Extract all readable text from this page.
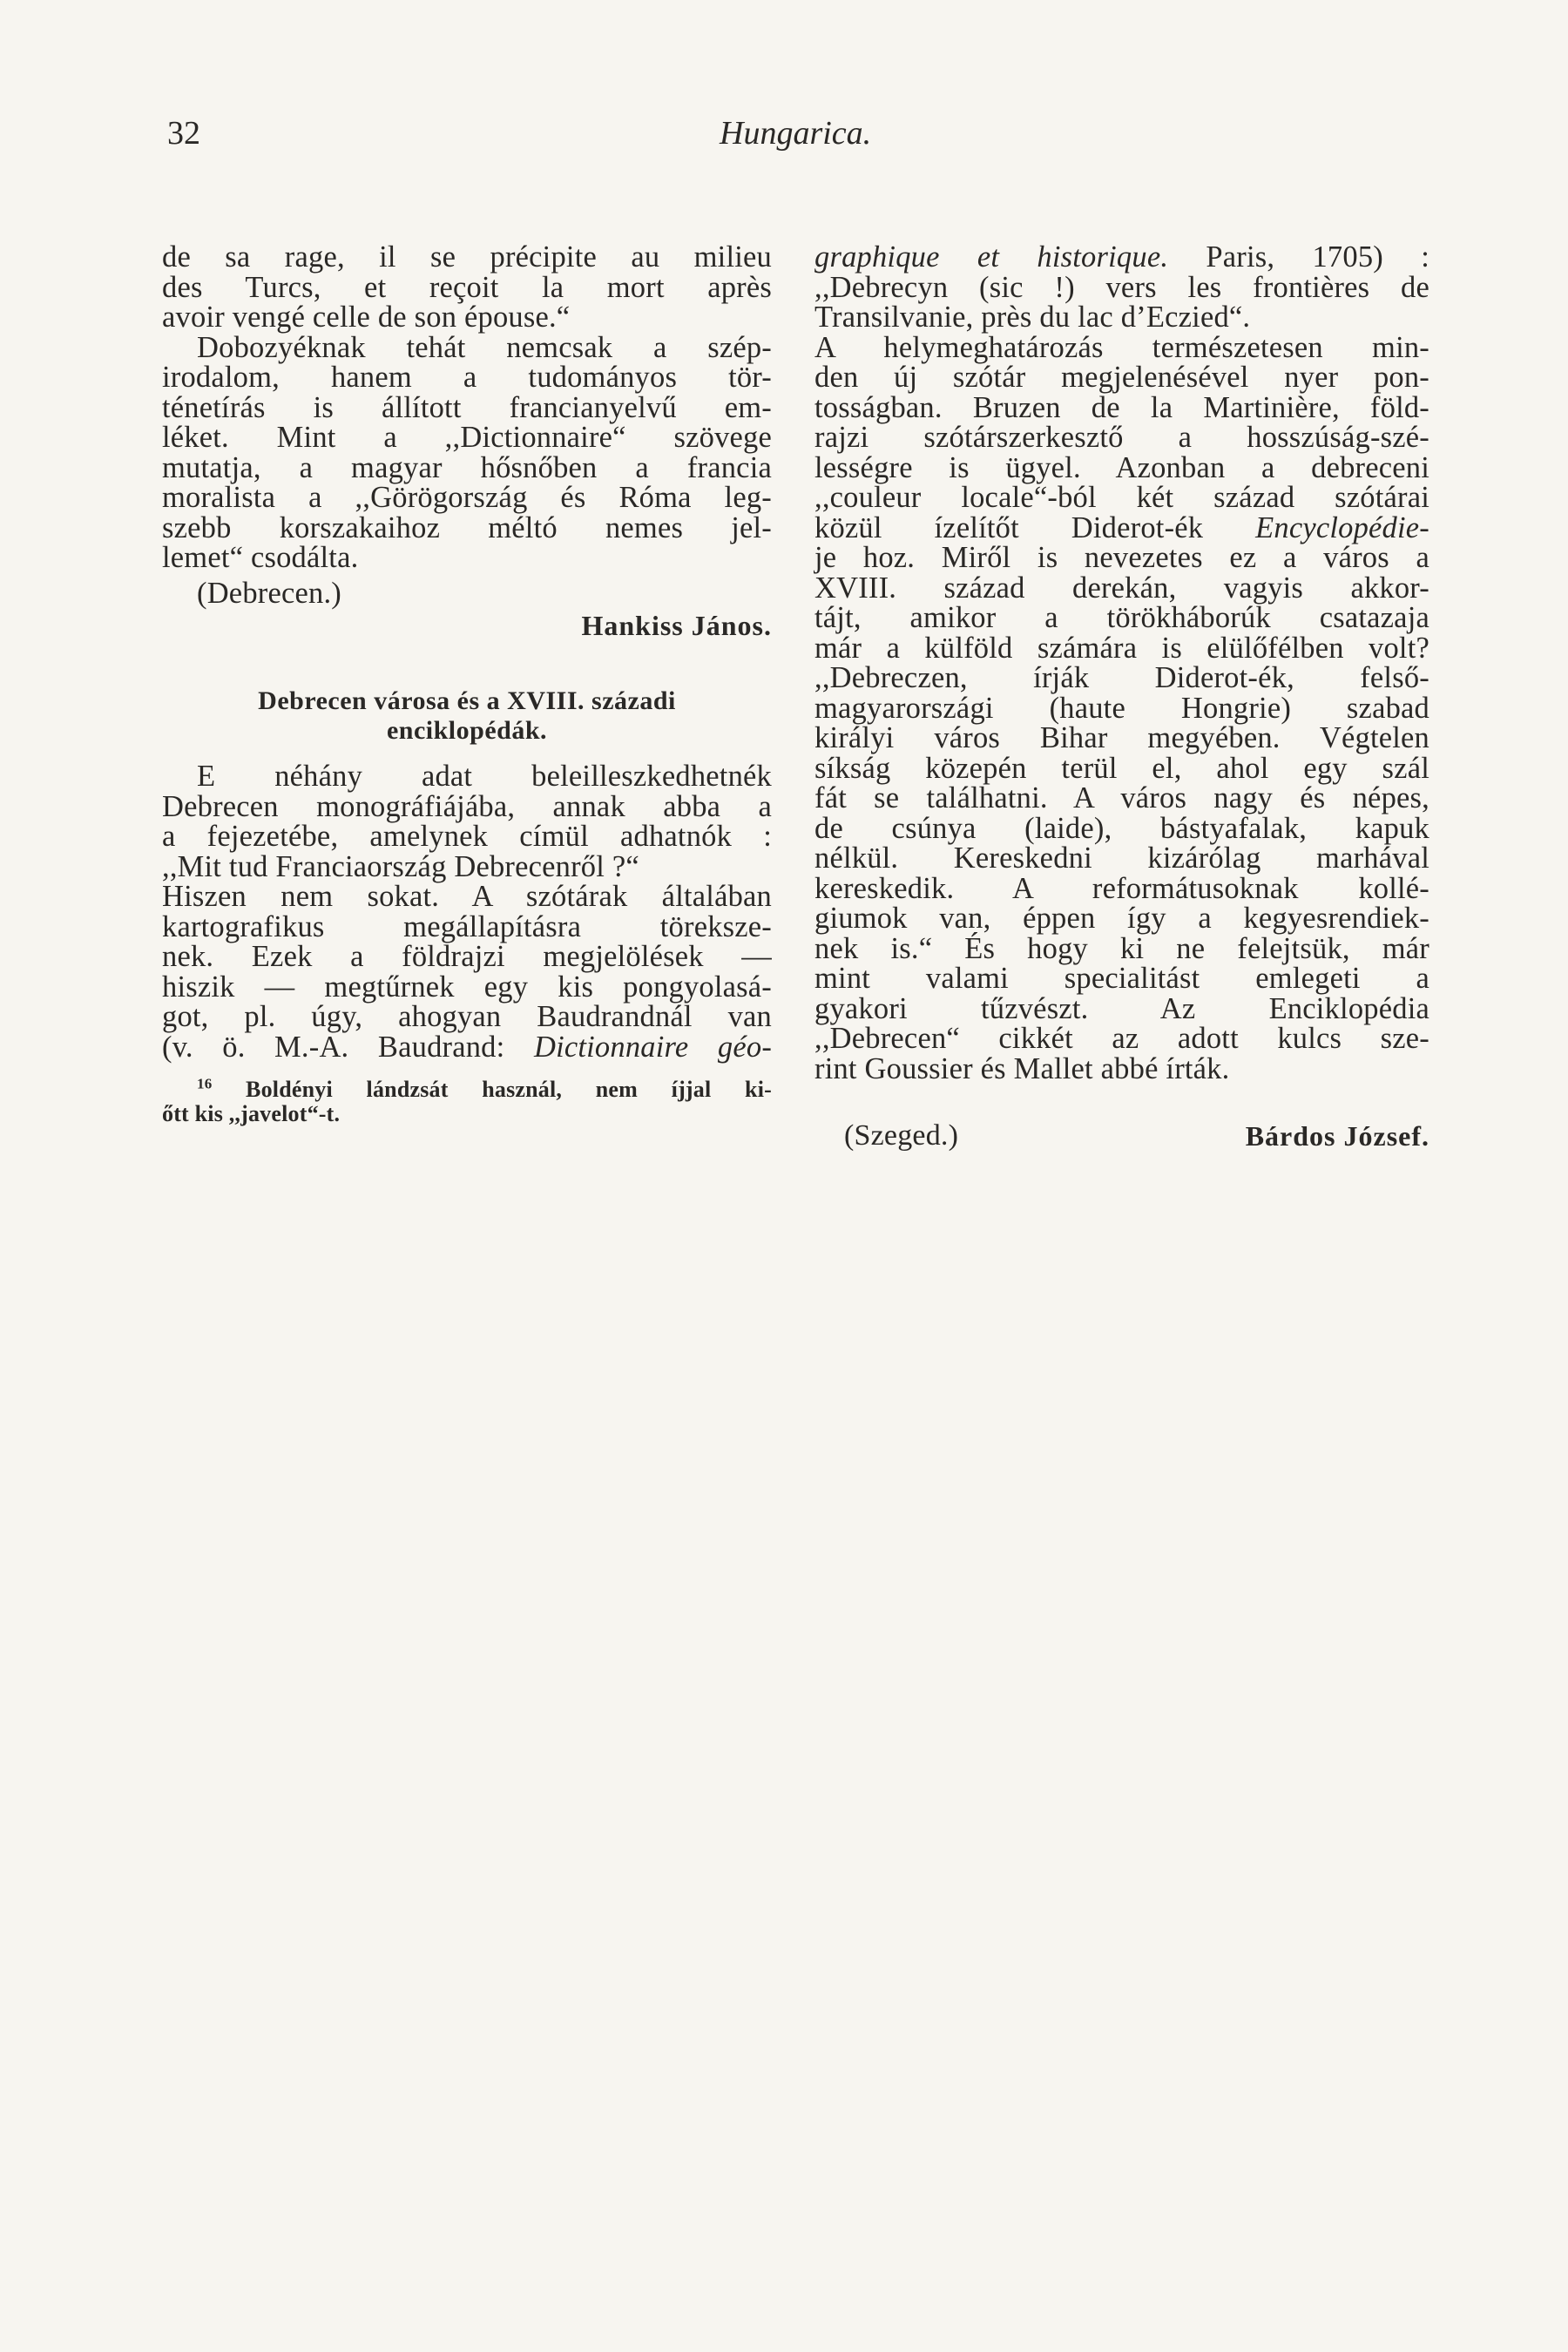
32	Hungarica.
de sa rage, il se précipite au milieu
des Turcs, et reçoit la mort après
avoir vengé celle de son épouse.“
Dobozyéknak tehát nemcsak a szép-
irodalom, hanem a tudományos tör-
ténetírás is állított francianyelvű em-
léket. Mint a ,,Dictionnaire“ szövege
mutatja, a magyar hősnőben a francia
moralista a ,,Görögország és Róma leg-
szebb korszakaihoz méltó nemes jel-
lemet“ csodálta.
(Debrecen.)
Hankiss János.
Debrecen városa és a XVIII. századi
enciklopédák.
E néhány adat beleilleszkedhetnék
Debrecen monográfiájába, annak abba a
a fejezetébe, amelynek címül adhatnók :
,,Mit tud Franciaország Debrecenről ?“
Hiszen nem sokat. A szótárak általában
kartografikus megállapításra töreksze-
nek. Ezek a földrajzi megjelölések —
hiszik — megtűrnek egy kis pongyolasá-
got, pl. úgy, ahogyan Baudrandnál van
(v. ö. M.-A. Baudrand: Dictionnaire géo-
$^{16}$ Boldényi lándzsát használ, nem íjjal ki-
őtt kis ,,javelot“-t.
graphique et historique. Paris, 1705) :
,,Debrecyn (sic !) vers les frontières de
Transilvanie, près du lac d’Eczied“.
A helymeghatározás természetesen min-
den új szótár megjelenésével nyer pon-
tosságban. Bruzen de la Martinière, föld-
rajzi szótárszerkesztő a hosszúság-szé-
lességre is ügyel. Azonban a debreceni
,,couleur locale“-ból két század szótárai
közül ízelítőt Diderot-ék Encyclopédie-
je hoz. Miről is nevezetes ez a város a
XVIII. század derekán, vagyis akkor-
tájt, amikor a törökháborúk csatazaja
már a külföld számára is elülőfélben volt?
,,Debreczen, írják Diderot-ék, felső-
magyarországi (haute Hongrie) szabad
királyi város Bihar megyében. Végtelen
síkság közepén terül el, ahol egy szál
fát se találhatni. A város nagy és népes,
de csúnya (laide), bástyafalak, kapuk
nélkül. Kereskedni kizárólag marhával
kereskedik. A reformátusoknak kollé-
giumok van, éppen így a kegyesrendiek-
nek is.“ És hogy ki ne felejtsük, már
mint valami specialitást emlegeti a
gyakori tűzvészt. Az Enciklopédia
,,Debrecen“ cikkét az adott kulcs sze-
rint Goussier és Mallet abbé írták.
(Szeged.)	Bárdos József.
